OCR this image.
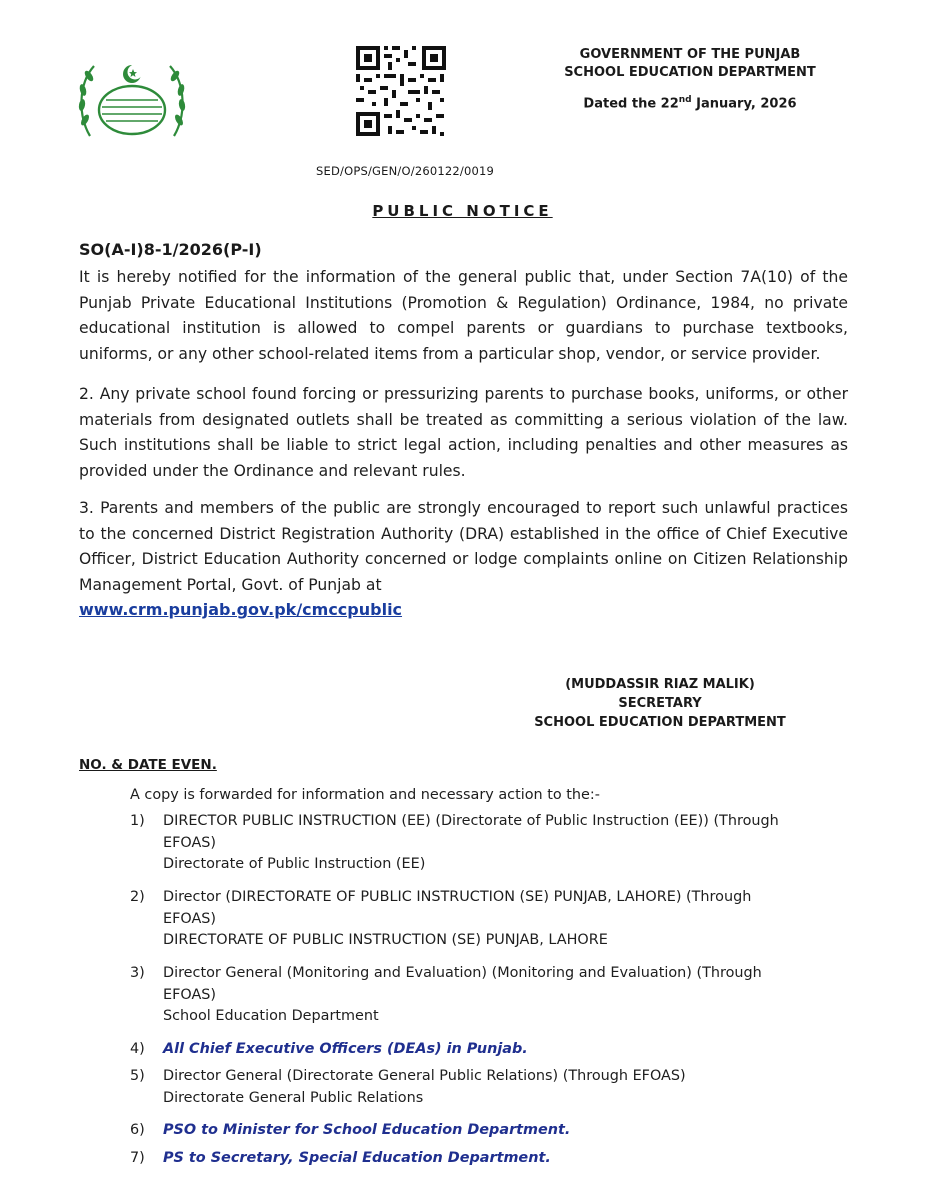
GOVERNMENT OF THE PUNJAB
SCHOOL EDUCATION DEPARTMENT
Dated the 22nd January, 2026
SED/OPS/GEN/O/260122/0019
PUBLIC NOTICE
SO(A-I)8-1/2026(P-I)
It is hereby notified for the information of the general public that, under Section 7A(10) of the Punjab Private Educational Institutions (Promotion & Regulation) Ordinance, 1984, no private educational institution is allowed to compel parents or guardians to purchase textbooks, uniforms, or any other school-related items from a particular shop, vendor, or service provider.
2. Any private school found forcing or pressurizing parents to purchase books, uniforms, or other materials from designated outlets shall be treated as committing a serious violation of the law. Such institutions shall be liable to strict legal action, including penalties and other measures as provided under the Ordinance and relevant rules.
3. Parents and members of the public are strongly encouraged to report such unlawful practices to the concerned District Registration Authority (DRA) established in the office of Chief Executive Officer, District Education Authority concerned or lodge complaints online on Citizen Relationship Management Portal, Govt. of Punjab at
www.crm.punjab.gov.pk/cmccpublic
(MUDDASSIR RIAZ MALIK)
SECRETARY
SCHOOL EDUCATION DEPARTMENT
NO. & DATE EVEN.
A copy is forwarded for information and necessary action to the:-
1) DIRECTOR PUBLIC INSTRUCTION (EE) (Directorate of Public Instruction (EE)) (Through
EFOAS)
Directorate of Public Instruction (EE)
2) Director (DIRECTORATE OF PUBLIC INSTRUCTION (SE) PUNJAB, LAHORE) (Through
EFOAS)
DIRECTORATE OF PUBLIC INSTRUCTION (SE) PUNJAB, LAHORE
3) Director General (Monitoring and Evaluation) (Monitoring and Evaluation) (Through
EFOAS)
School Education Department
4) All Chief Executive Officers (DEAs) in Punjab.
5) Director General (Directorate General Public Relations) (Through EFOAS)
Directorate General Public Relations
6) PSO to Minister for School Education Department.
7) PS to Secretary, Special Education Department.
